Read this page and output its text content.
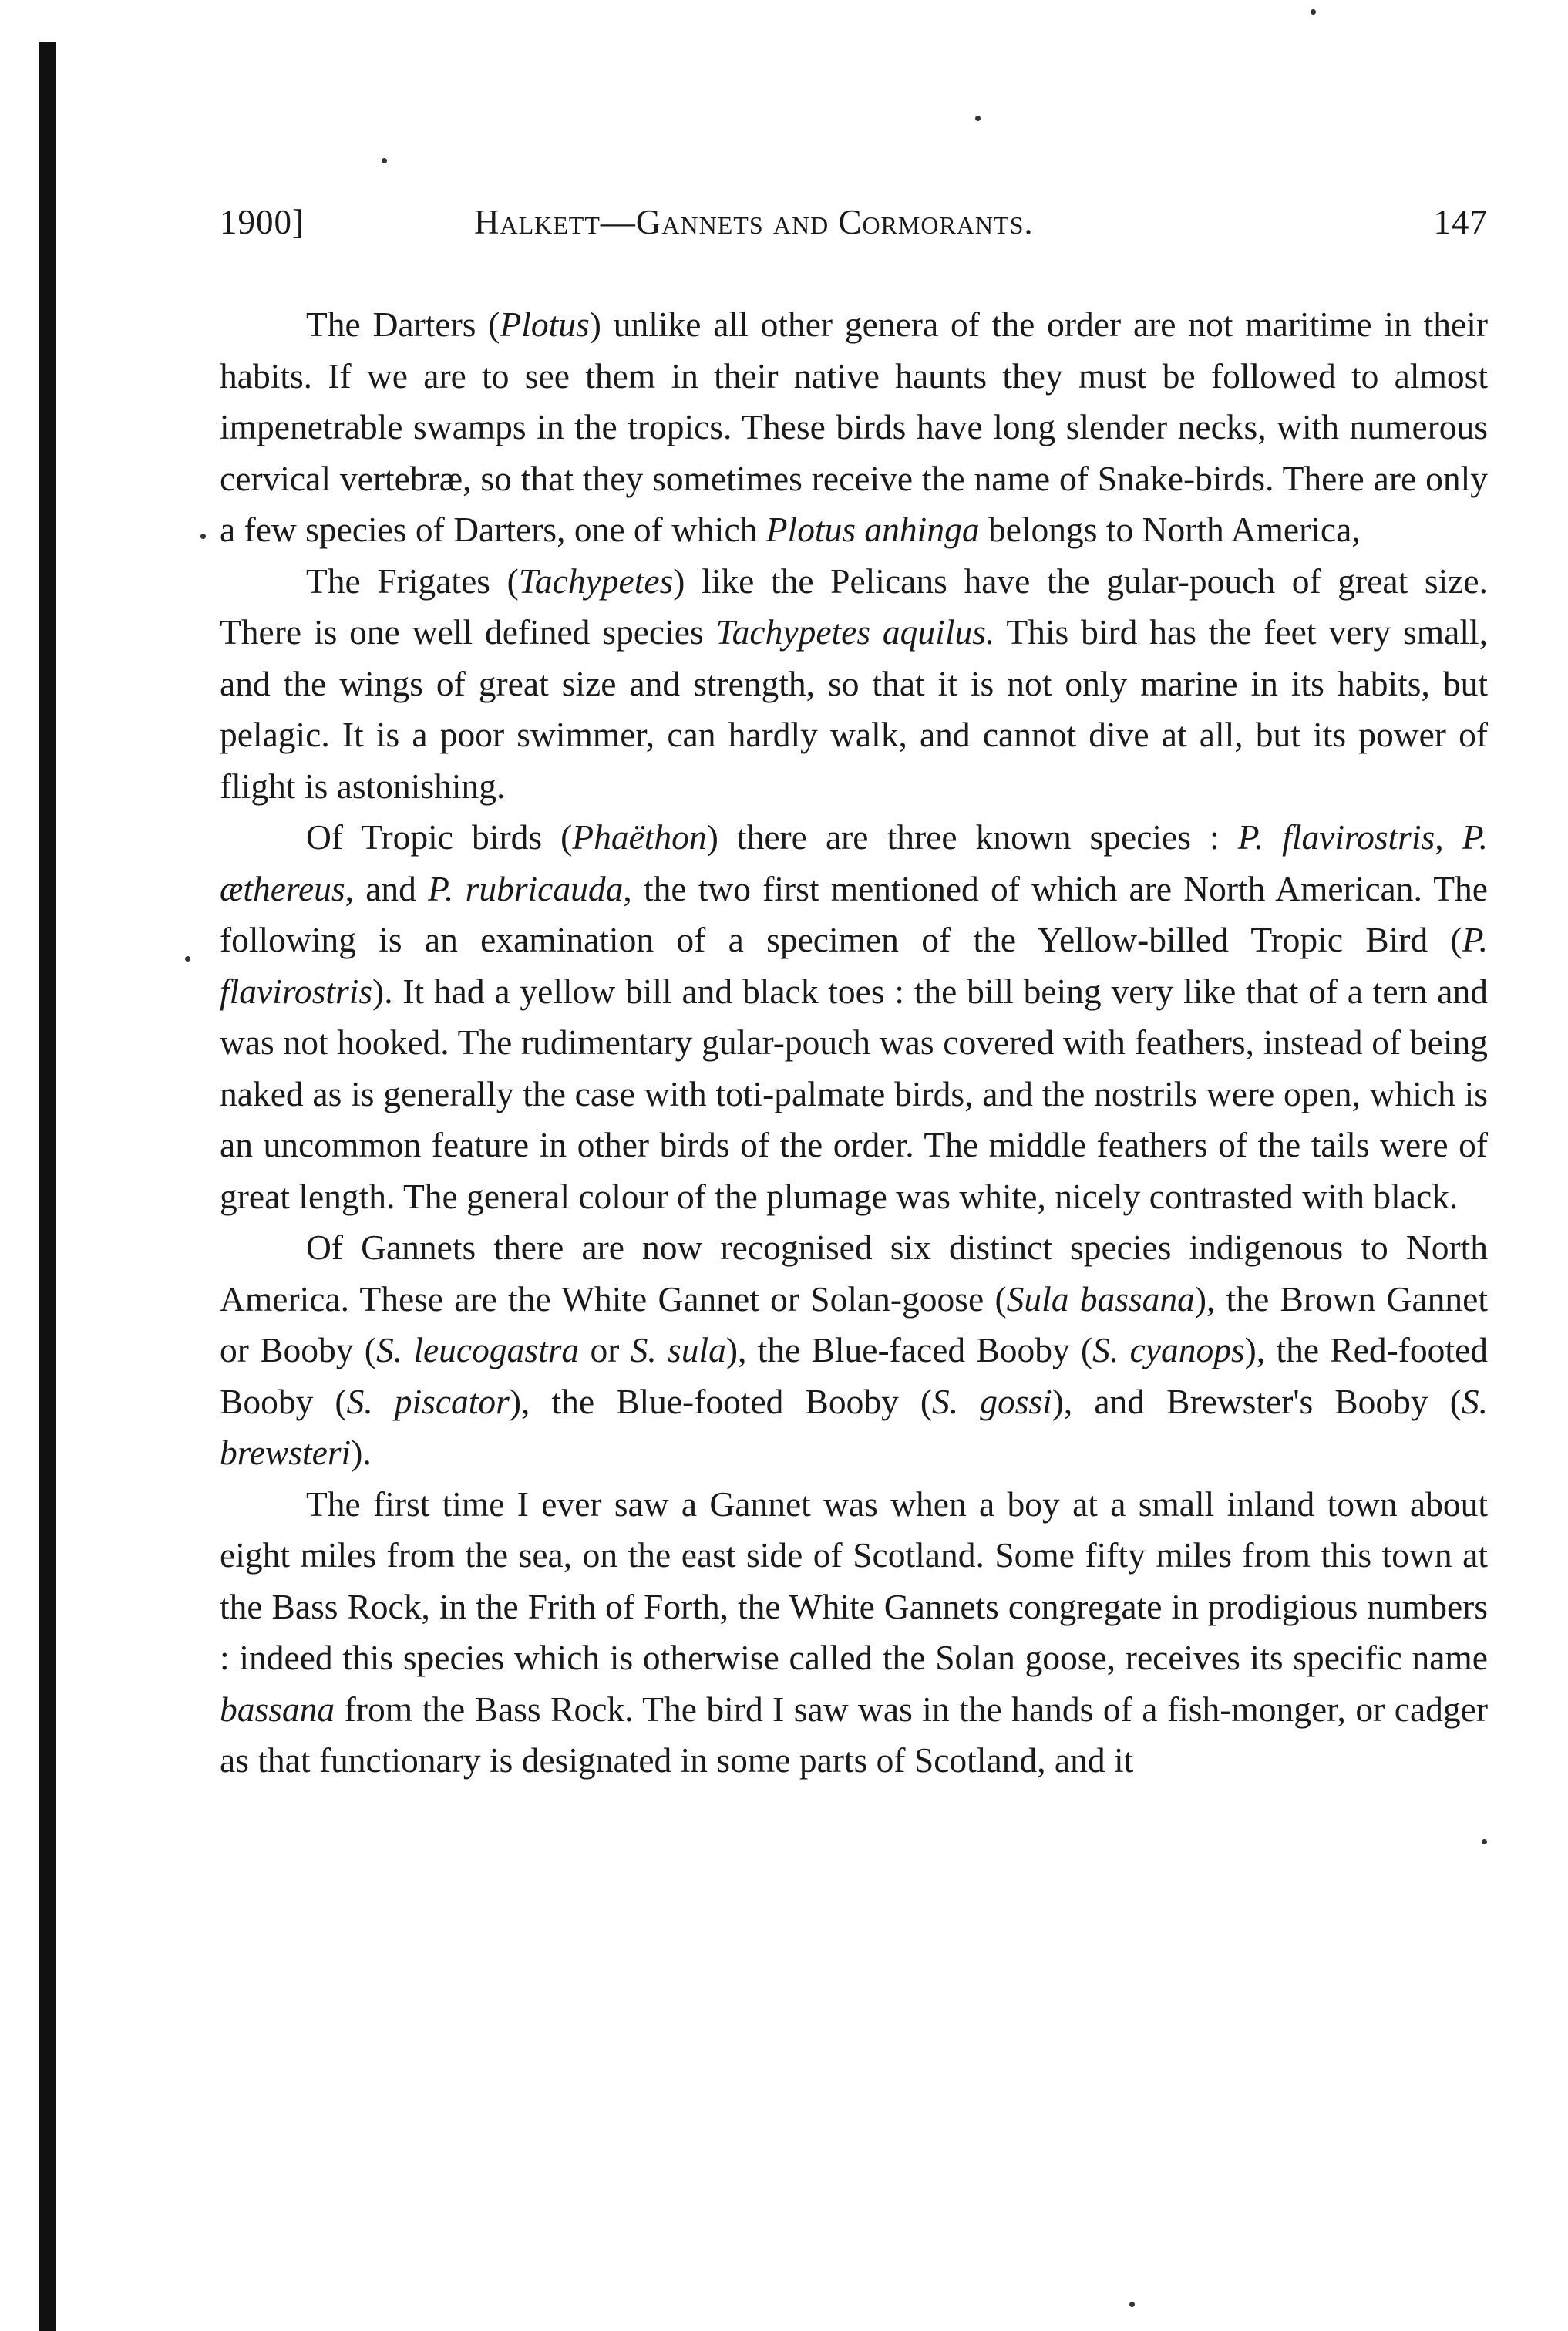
1900]	Halkett—Gannets and Cormorants.	147

The Darters (Plotus) unlike all other genera of the order are not maritime in their habits. If we are to see them in their native haunts they must be followed to almost impenetrable swamps in the tropics. These birds have long slender necks, with numerous cervical vertebræ, so that they sometimes receive the name of Snake-birds. There are only a few species of Darters, one of which Plotus anhinga belongs to North America,

The Frigates (Tachypetes) like the Pelicans have the gular-pouch of great size. There is one well defined species Tachypetes aquilus. This bird has the feet very small, and the wings of great size and strength, so that it is not only marine in its habits, but pelagic. It is a poor swimmer, can hardly walk, and cannot dive at all, but its power of flight is astonishing.

Of Tropic birds (Phaëthon) there are three known species : P. flavirostris, P. æthereus, and P. rubricauda, the two first mentioned of which are North American. The following is an examination of a specimen of the Yellow-billed Tropic Bird (P. flavirostris). It had a yellow bill and black toes : the bill being very like that of a tern and was not hooked. The rudimentary gular-pouch was covered with feathers, instead of being naked as is generally the case with toti-palmate birds, and the nostrils were open, which is an uncommon feature in other birds of the order. The middle feathers of the tails were of great length. The general colour of the plumage was white, nicely contrasted with black.

Of Gannets there are now recognised six distinct species indigenous to North America. These are the White Gannet or Solan-goose (Sula bassana), the Brown Gannet or Booby (S. leucogastra or S. sula), the Blue-faced Booby (S. cyanops), the Red-footed Booby (S. piscator), the Blue-footed Booby (S. gossi), and Brewster's Booby (S. brewsteri).

The first time I ever saw a Gannet was when a boy at a small inland town about eight miles from the sea, on the east side of Scotland. Some fifty miles from this town at the Bass Rock, in the Frith of Forth, the White Gannets congregate in prodigious numbers : indeed this species which is otherwise called the Solan goose, receives its specific name bassana from the Bass Rock. The bird I saw was in the hands of a fish-monger, or cadger as that functionary is designated in some parts of Scotland, and it
